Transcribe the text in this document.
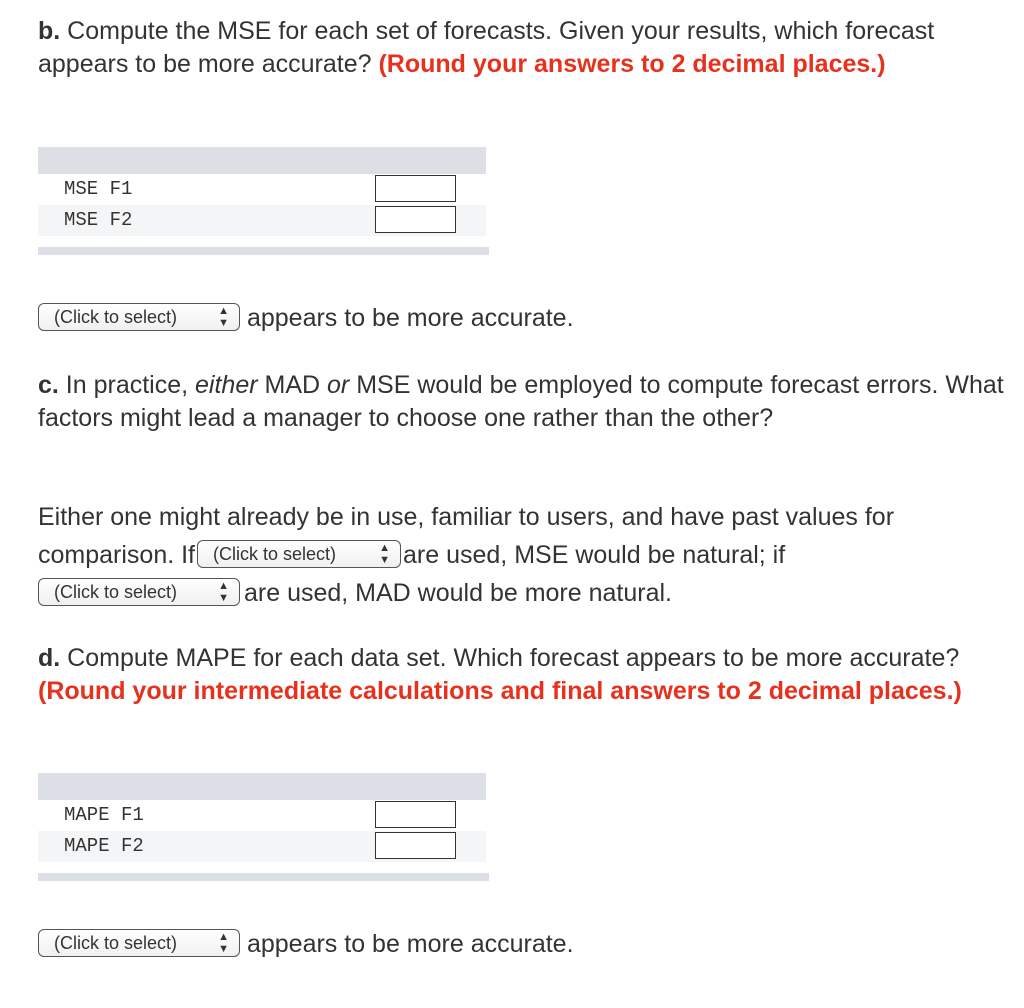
b. Compute the MSE for each set of forecasts. Given your results, which forecast appears to be more accurate? (Round your answers to 2 decimal places.)

MSE F1
MSE F2
(Click to select)	▲
▼ appears to be more accurate.

c. In practice, either MAD or MSE would be employed to compute forecast errors. What factors might lead a manager to choose one rather than the other?

Either one might already be in use, familiar to users, and have past values for comparison. If (Click to select)	▲
▼ are used, MSE would be natural; if
(Click to select)	▲
▼ are used, MAD would be more natural.

d. Compute MAPE for each data set. Which forecast appears to be more accurate? (Round your intermediate calculations and final answers to 2 decimal places.)

MAPE F1
MAPE F2
(Click to select)	▲
▼ appears to be more accurate.
